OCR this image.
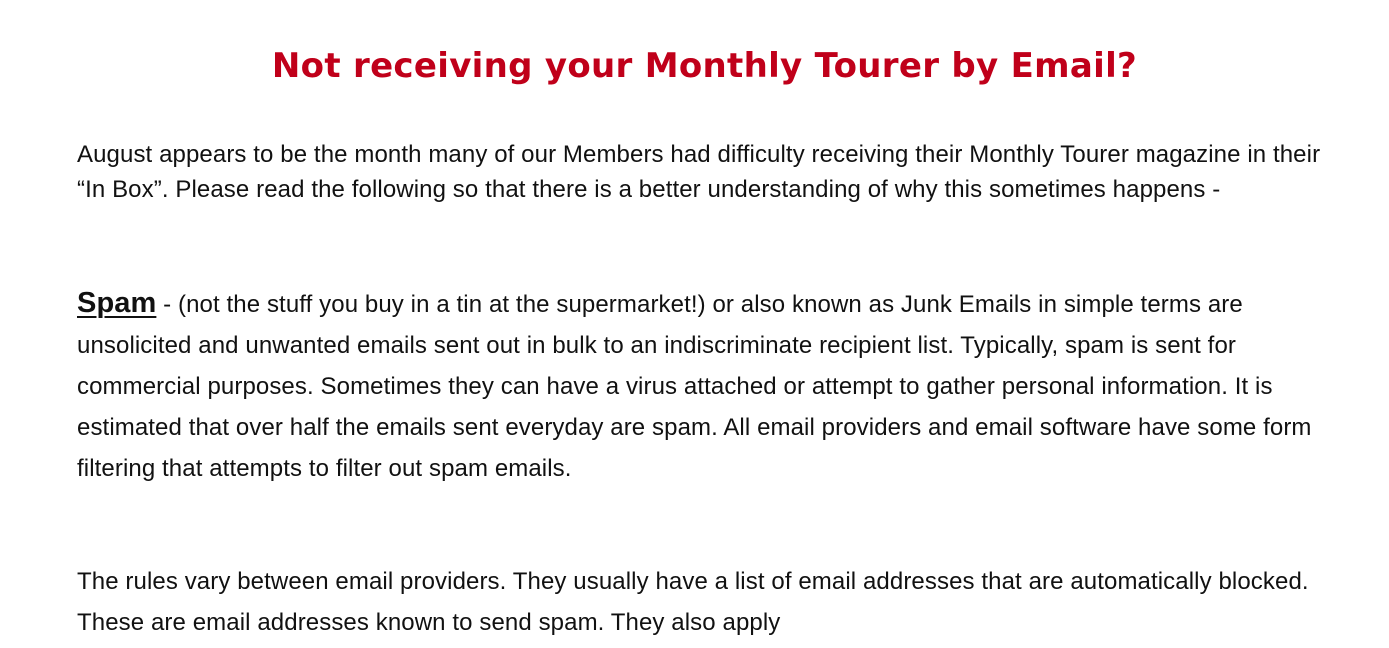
Not receiving your Monthly Tourer by Email?

August appears to be the month many of our Members had difficulty receiving their Monthly Tourer magazine in their “In Box”. Please read the following so that there is a better understanding of why this sometimes happens -

Spam - (not the stuff you buy in a tin at the supermarket!) or also known as Junk Emails in simple terms are unsolicited and unwanted emails sent out in bulk to an indiscriminate recipient list. Typically, spam is sent for commercial purposes. Sometimes they can have a virus attached or attempt to gather personal information. It is estimated that over half the emails sent everyday are spam. All email providers and email software have some form filtering that attempts to filter out spam emails.

The rules vary between email providers. They usually have a list of email addresses that are automatically blocked. These are email addresses known to send spam. They also apply
